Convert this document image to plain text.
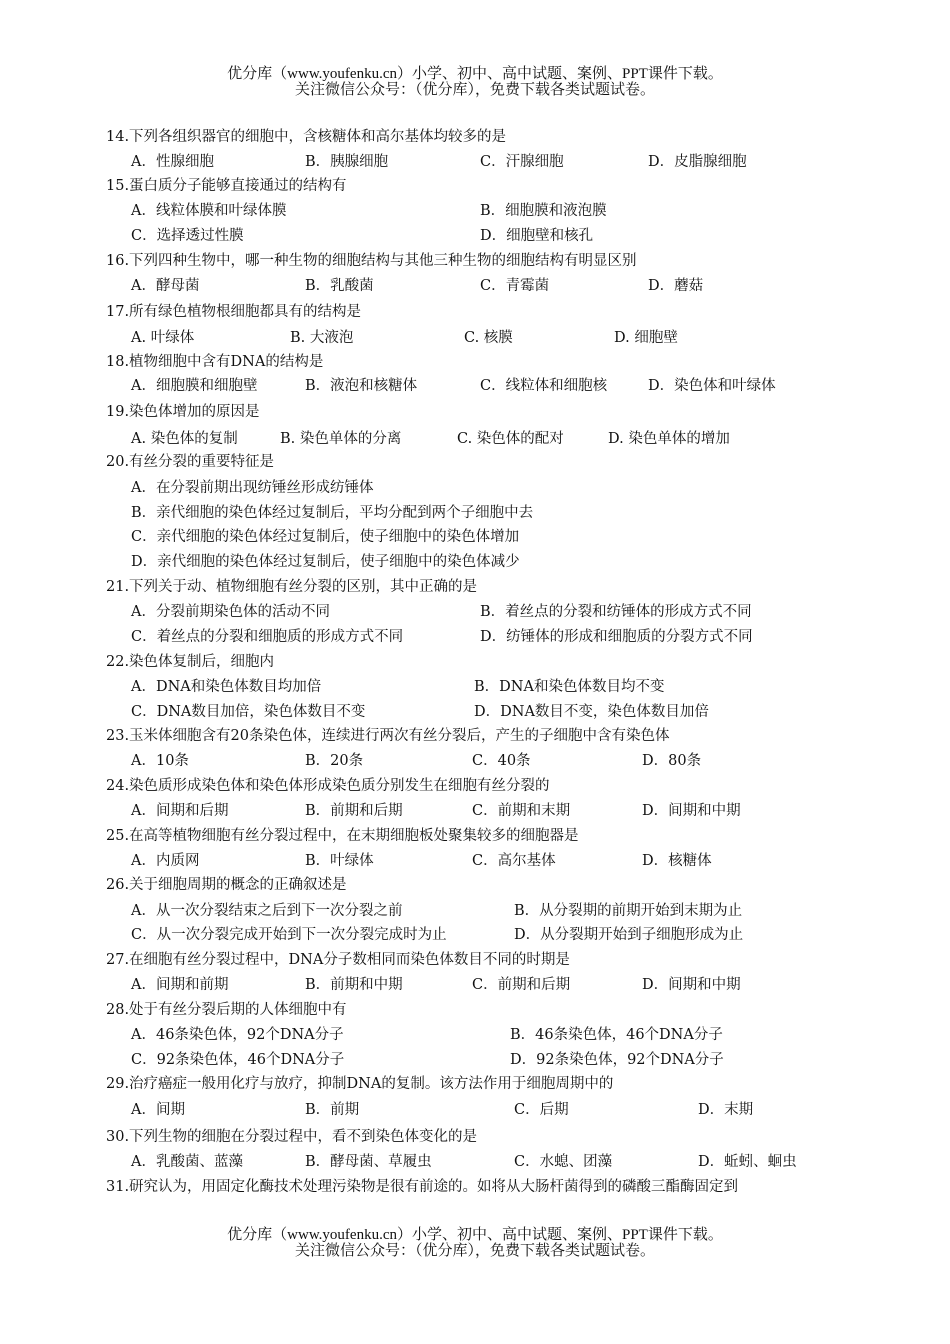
优分库（www.youfenku.cn）小学、初中、高中试题、案例、PPT课件下载。
关注微信公众号：（优分库），免费下载各类试题试卷。
14.下列各组织器官的细胞中，含核糖体和高尔基体均较多的是
A．性腺细胞	B．胰腺细胞	C．汗腺细胞	D．皮脂腺细胞
15.蛋白质分子能够直接通过的结构有
A．线粒体膜和叶绿体膜	B．细胞膜和液泡膜
C．选择透过性膜	D．细胞壁和核孔
16.下列四种生物中，哪一种生物的细胞结构与其他三种生物的细胞结构有明显区别
A．酵母菌	B．乳酸菌	C．青霉菌	D．蘑菇
17.所有绿色植物根细胞都具有的结构是
A. 叶绿体	B. 大液泡	C. 核膜	D. 细胞壁
18.植物细胞中含有DNA的结构是
A．细胞膜和细胞壁	B．液泡和核糖体	C．线粒体和细胞核	D．染色体和叶绿体
19.染色体增加的原因是
A. 染色体的复制	B. 染色单体的分离	C. 染色体的配对	D. 染色单体的增加
20.有丝分裂的重要特征是
A．在分裂前期出现纺锤丝形成纺锤体
B．亲代细胞的染色体经过复制后，平均分配到两个子细胞中去
C．亲代细胞的染色体经过复制后，使子细胞中的染色体增加
D．亲代细胞的染色体经过复制后，使子细胞中的染色体减少
21.下列关于动、植物细胞有丝分裂的区别，其中正确的是
A．分裂前期染色体的活动不同	B．着丝点的分裂和纺锤体的形成方式不同
C．着丝点的分裂和细胞质的形成方式不同	D．纺锤体的形成和细胞质的分裂方式不同
22.染色体复制后，细胞内
A．DNA和染色体数目均加倍	B．DNA和染色体数目均不变
C．DNA数目加倍，染色体数目不变	D．DNA数目不变，染色体数目加倍
23.玉米体细胞含有20条染色体，连续进行两次有丝分裂后，产生的子细胞中含有染色体
A．10条	B．20条	C．40条	D．80条
24.染色质形成染色体和染色体形成染色质分别发生在细胞有丝分裂的
A．间期和后期	B．前期和后期	C．前期和末期	D．间期和中期
25.在高等植物细胞有丝分裂过程中，在末期细胞板处聚集较多的细胞器是
A．内质网	B．叶绿体	C．高尔基体	D．核糖体
26.关于细胞周期的概念的正确叙述是
A．从一次分裂结束之后到下一次分裂之前	B．从分裂期的前期开始到末期为止
C．从一次分裂完成开始到下一次分裂完成时为止	D．从分裂期开始到子细胞形成为止
27.在细胞有丝分裂过程中，DNA分子数相同而染色体数目不同的时期是
A．间期和前期	B．前期和中期	C．前期和后期	D．间期和中期
28.处于有丝分裂后期的人体细胞中有
A．46条染色体，92个DNA分子	B．46条染色体，46个DNA分子
C．92条染色体，46个DNA分子	D．92条染色体，92个DNA分子
29.治疗癌症一般用化疗与放疗，抑制DNA的复制。该方法作用于细胞周期中的
A．间期	B．前期	C．后期	D．末期
30.下列生物的细胞在分裂过程中，看不到染色体变化的是
A．乳酸菌、蓝藻	B．酵母菌、草履虫	C．水螅、团藻	D．蚯蚓、蛔虫
31.研究认为，用固定化酶技术处理污染物是很有前途的。如将从大肠杆菌得到的磷酸三酯酶固定到
优分库（www.youfenku.cn）小学、初中、高中试题、案例、PPT课件下载。
关注微信公众号：（优分库），免费下载各类试题试卷。
